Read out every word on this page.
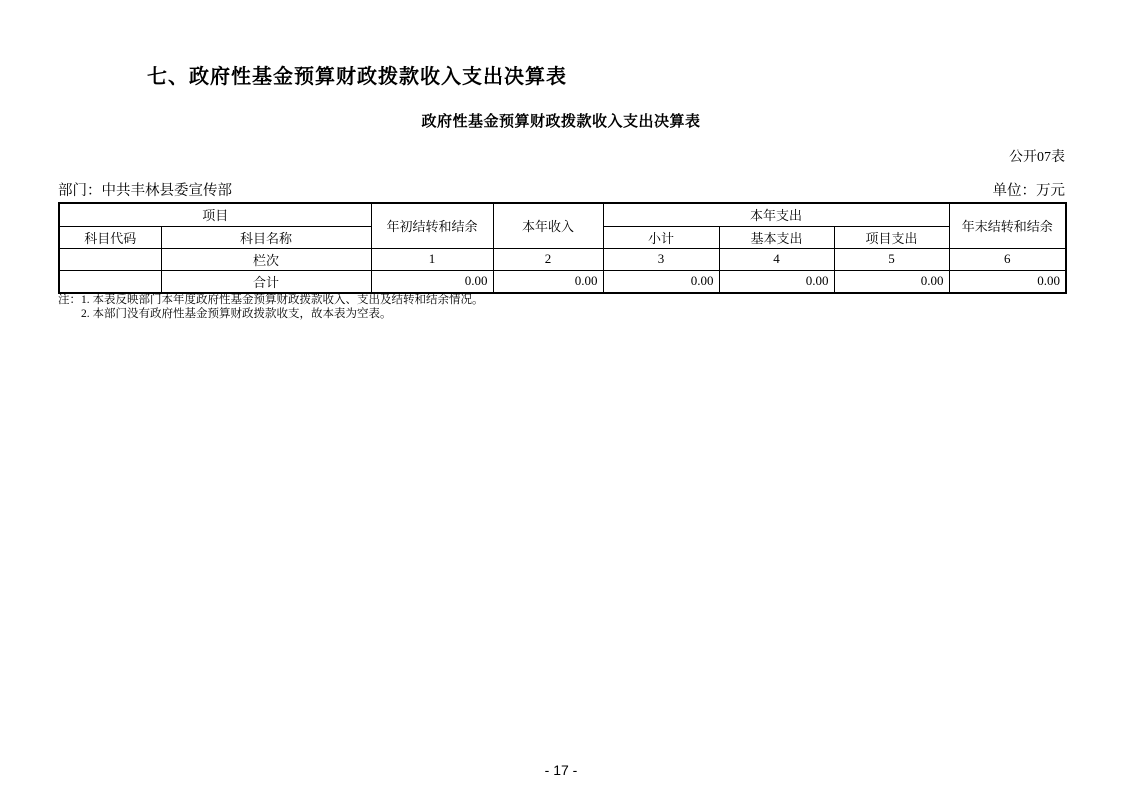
七、政府性基金预算财政拨款收入支出决算表
政府性基金预算财政拨款收入支出决算表
公开07表
部门：中共丰林县委宣传部	单位：万元
项目		年初结转和结余	本年收入	本年支出			年末结转和结余
科目代码	科目名称			小计	基本支出	项目支出	
	栏次	1	2	3	4	5	6
	合计	0.00	0.00	0.00	0.00	0.00	0.00
注：1. 本表反映部门本年度政府性基金预算财政拨款收入、支出及结转和结余情况。
2. 本部门没有政府性基金预算财政拨款收支，故本表为空表。
- 17 -
